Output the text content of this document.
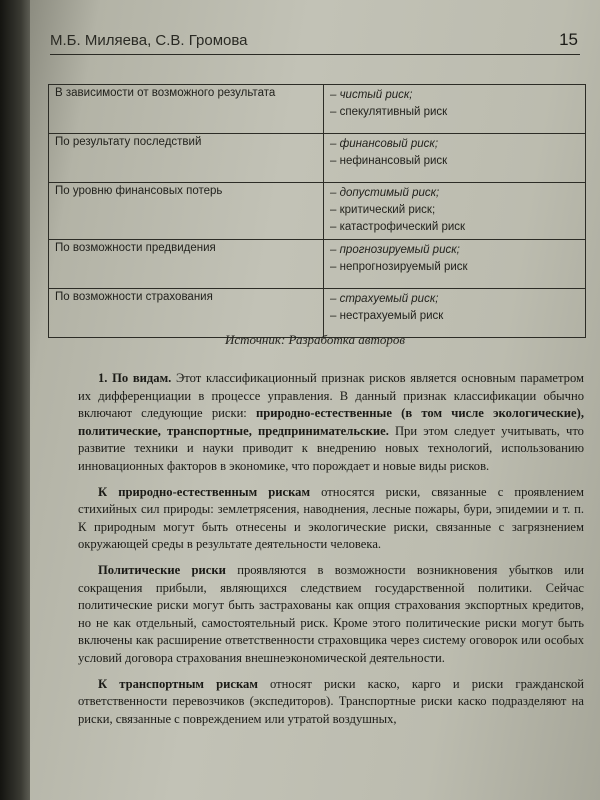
М.Б. Миляева, С.В. Громова	15
В зависимости от возможного результата	– чистый риск;
– спекулятивный риск

По результату последствий	– финансовый риск;
– нефинансовый риск

По уровню финансовых потерь	– допустимый риск;
– критический риск;
– катастрофический риск

По возможности предвидения	– прогнозируемый риск;
– непрогнозируемый риск

По возможности страхования	– страхуемый риск;
– нестрахуемый риск
Источник: Разработка авторов

1. По видам. Этот классификационный признак рисков является основным параметром их дифференциации в процессе управления. В данный признак классификации обычно включают следующие риски: природно-естественные (в том числе экологические), политические, транспортные, предпринимательские. При этом следует учитывать, что развитие техники и науки приводит к внедрению новых технологий, использованию инновационных факторов в экономике, что порождает и новые виды рисков.

К природно-естественным рискам относятся риски, связанные с проявлением стихийных сил природы: землетрясения, наводнения, лесные пожары, бури, эпидемии и т. п. К природным могут быть отнесены и экологические риски, связанные с загрязнением окружающей среды в результате деятельности человека.

Политические риски проявляются в возможности возникновения убытков или сокращения прибыли, являющихся следствием государственной политики. Сейчас политические риски могут быть застрахованы как опция страхования экспортных кредитов, но не как отдельный, самостоятельный риск. Кроме этого политические риски могут быть включены как расширение ответственности страховщика через систему оговорок или особых условий договора страхования внешнеэкономической деятельности.

К транспортным рискам относят риски каско, карго и риски гражданской ответственности перевозчиков (экспедиторов). Транспортные риски каско подразделяют на риски, связанные с повреждением или утратой воздушных,
